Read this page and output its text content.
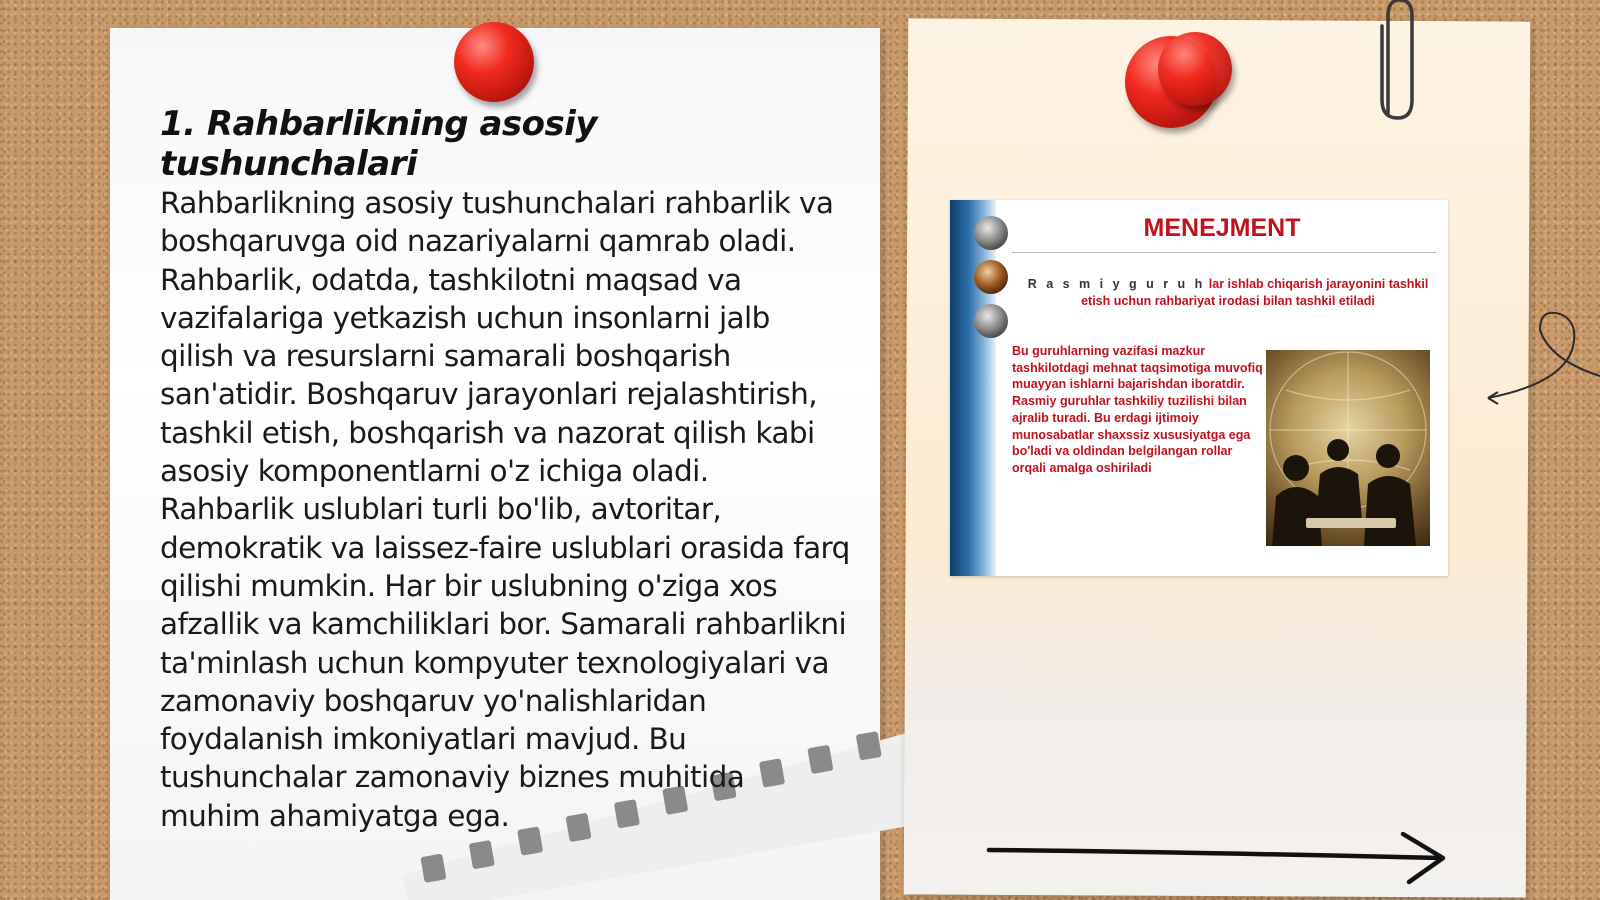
1. Rahbarlikning asosiy tushunchalari
Rahbarlikning asosiy tushunchalari rahbarlik va boshqaruvga oid nazariyalarni qamrab oladi. Rahbarlik, odatda, tashkilotni maqsad va vazifalariga yetkazish uchun insonlarni jalb qilish va resurslarni samarali boshqarish san'atidir. Boshqaruv jarayonlari rejalashtirish, tashkil etish, boshqarish va nazorat qilish kabi asosiy komponentlarni o'z ichiga oladi. Rahbarlik uslublari turli bo'lib, avtoritar, demokratik va laissez-faire uslublari orasida farq qilishi mumkin. Har bir uslubning o'ziga xos afzallik va kamchiliklari bor. Samarali rahbarlikni ta'minlash uchun kompyuter texnologiyalari va zamonaviy boshqaruv yo'nalishlaridan foydalanish imkoniyatlari mavjud. Bu tushunchalar zamonaviy biznes muhitida muhim ahamiyatga ega.
MENEJMENT
R a s m i y g u r u h lar ishlab chiqarish jarayonini tashkil
etish uchun rahbariyat irodasi bilan tashkil etiladi
Bu guruhlarning vazifasi mazkur tashkilotdagi mehnat taqsimotiga muvofiq muayyan ishlarni bajarishdan iboratdir. Rasmiy guruhlar tashkiliy tuzilishi bilan ajralib turadi. Bu erdagi ijtimoiy munosabatlar shaxssiz xususiyatga ega bo'ladi va oldindan belgilangan rollar orqali amalga oshiriladi
